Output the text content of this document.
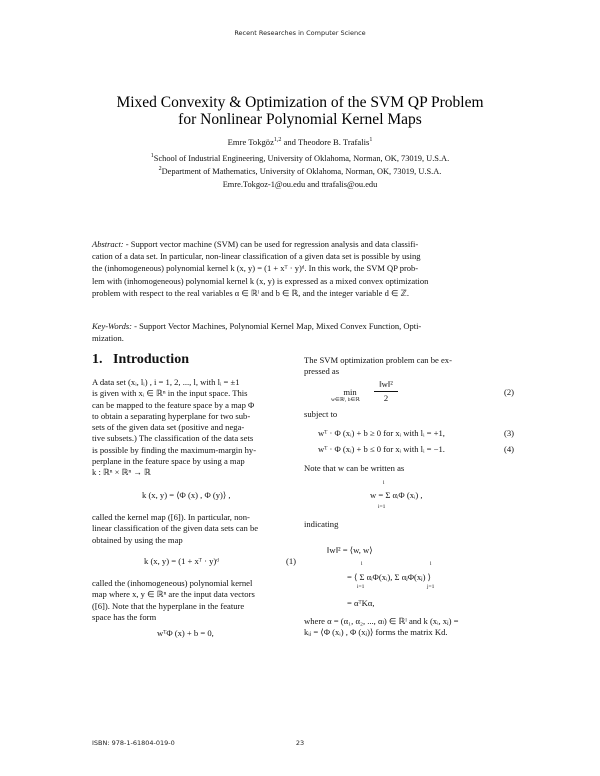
Recent Researches in Computer Science
Mixed Convexity & Optimization of the SVM QP Problem
for Nonlinear Polynomial Kernel Maps
Emre Tokgöz$^{1,2}$ and Theodore B. Trafalis$^1$
$^1$School of Industrial Engineering, University of Oklahoma, Norman, OK, 73019, U.S.A.
$^2$Department of Mathematics, University of Oklahoma, Norman, OK, 73019, U.S.A.
Emre.Tokgoz-1@ou.edu and ttrafalis@ou.edu
Abstract: - Support vector machine (SVM) can be used for regression analysis and data classifi-
cation of a data set. In particular, non-linear classification of a given data set is possible by using
the (inhomogeneous) polynomial kernel k (x, y) = (1 + xᵀ · y)ᵈ. In this work, the SVM QP prob-
lem with (inhomogeneous) polynomial kernel k (x, y) is expressed as a mixed convex optimization
problem with respect to the real variables α ∈ ℝˡ and b ∈ ℝ, and the integer variable d ∈ ℤ.
Key-Words: - Support Vector Machines, Polynomial Kernel Map, Mixed Convex Function, Opti-
mization.
1. Introduction
A data set (xᵢ, lᵢ) , i = 1, 2, ..., l, with lᵢ = ±1
is given with xᵢ ∈ ℝⁿ in the input space. This
can be mapped to the feature space by a map Φ
to obtain a separating hyperplane for two sub-
sets of the given data set (positive and nega-
tive subsets.) The classification of the data sets
is possible by finding the maximum-margin hy-
perplane in the feature space by using a map
k : ℝⁿ × ℝⁿ → ℝ
k (x, y) = ⟨Φ (x) , Φ (y)⟩ ,
called the kernel map ([6]). In particular, non-
linear classification of the given data sets can be
obtained by using the map
k (x, y) = (1 + xᵀ · y)ᵈ	(1)
called the (inhomogeneous) polynomial kernel
map where x, y ∈ ℝⁿ are the input data vectors
([6]). Note that the hyperplane in the feature
space has the form
wᵀΦ (x) + b = 0,
The SVM optimization problem can be ex-
pressed as
min
w∈ℝˡ, b∈ℝ
‖w‖²
2
(2)
subject to
wᵀ · Φ (xᵢ) + b ≥ 0 for xᵢ with lᵢ = +1,	(3)
wᵀ · Φ (xᵢ) + b ≤ 0 for xᵢ with lᵢ = −1.	(4)
Note that w can be written as
l
w = Σ αᵢΦ (xᵢ) ,
i=1
indicating
‖w‖² = ⟨w, w⟩
l	l
= ⟨ Σ αᵢΦ(xᵢ), Σ αⱼΦ(xⱼ) ⟩
i=1	j=1
= αᵀKα,
where α = (α₁, α₂, ..., αₗ) ∈ ℝˡ and k (xᵢ, xⱼ) =
kᵢⱼ = ⟨Φ (xᵢ) , Φ (xⱼ)⟩ forms the matrix Kd.
ISBN: 978-1-61804-019-0	23
